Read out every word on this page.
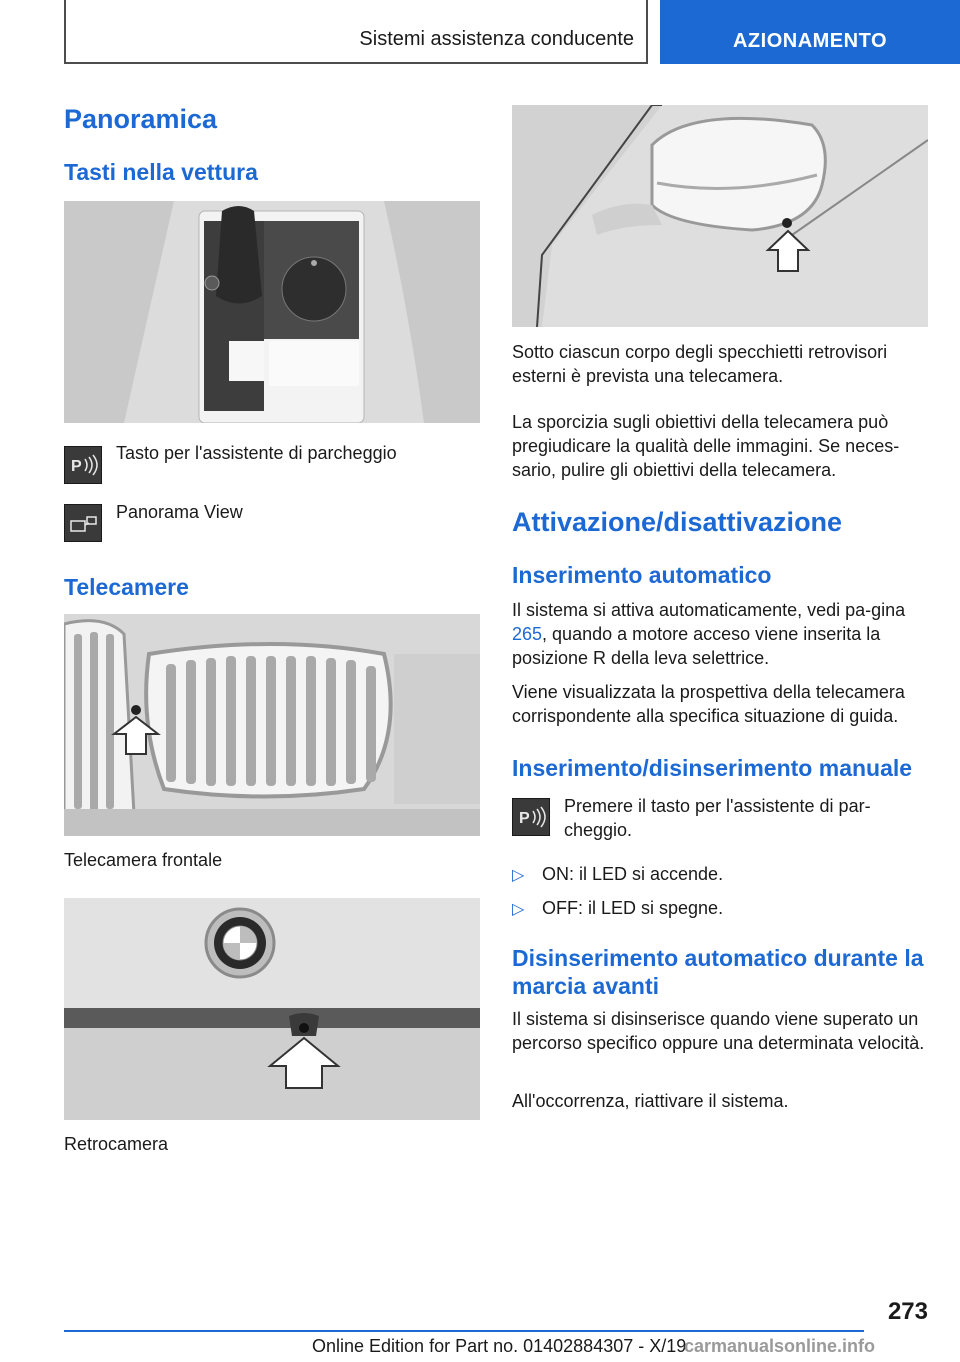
Sistemi assistenza conducente	AZIONAMENTO
Panoramica
Tasti nella vettura
P

Tasto per l'assistente di parcheggio

Panorama View

Telecamere

Telecamera frontale

Retrocamera

Sotto ciascun corpo degli specchietti retrovisori esterni è prevista una telecamera.

La sporcizia sugli obiettivi della telecamera può pregiudicare la qualità delle immagini. Se neces-sario, pulire gli obiettivi della telecamera.

Attivazione/disattivazione
Inserimento automatico

Il sistema si attiva automaticamente, vedi pa-gina 265, quando a motore acceso viene inserita la posizione R della leva selettrice.

Viene visualizzata la prospettiva della telecamera corrispondente alla specifica situazione di guida.

Inserimento/disinserimento manuale
P

Premere il tasto per l'assistente di par-cheggio.

▷ ON: il LED si accende.
▷ OFF: il LED si spegne.
Disinserimento automatico durante la marcia avanti

Il sistema si disinserisce quando viene superato un percorso specifico oppure una determinata velocità.

All'occorrenza, riattivare il sistema.

273
Online Edition for Part no. 01402884307 - X/19
carmanualsonline.info
